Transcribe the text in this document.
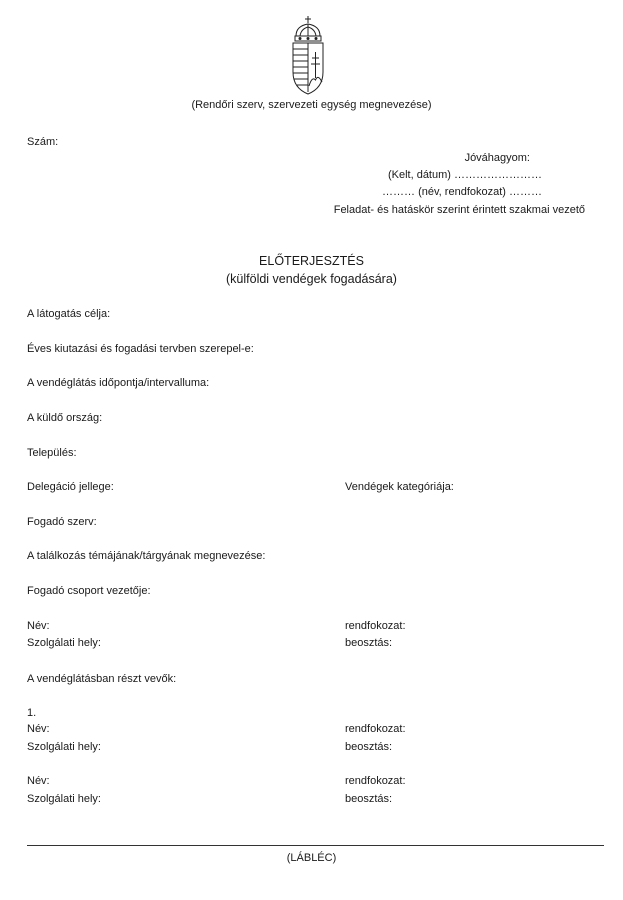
(Rendőri szerv, szervezeti egység megnevezése)
Szám:
Jóváhagyom:
(Kelt, dátum) ……………………
……… (név, rendfokozat) ………
Feladat- és hatáskör szerint érintett szakmai vezető
ELŐTERJESZTÉS
(külföldi vendégek fogadására)
A látogatás célja:
Éves kiutazási és fogadási tervben szerepel-e:
A vendéglátás időpontja/intervalluma:
A küldő ország:
Település:
Delegáció jellege:	Vendégek kategóriája:
Fogadó szerv:
A találkozás témájának/tárgyának megnevezése:
Fogadó csoport vezetője:
Név:	rendfokozat:
Szolgálati hely:	beosztás:
A vendéglátásban részt vevők:
1.
Név:	rendfokozat:
Szolgálati hely:	beosztás:
Név:	rendfokozat:
Szolgálati hely:	beosztás:
(LÁBLÉC)
